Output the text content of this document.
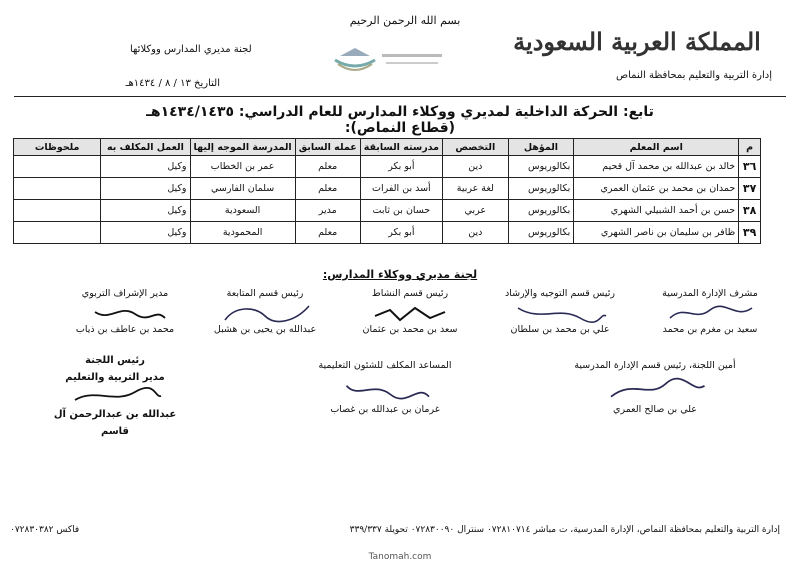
بسم الله الرحمن الرحيم
المملكة العربية السعودية
إدارة التربية والتعليم بمحافظة النماص
لجنة مديري المدارس ووكلائها
التاريخ ١٣ / ٨ / ١٤٣٤هـ
تابع: الحركة الداخلية لمديري ووكلاء المدارس للعام الدراسي: ١٤٣٤/١٤٣٥هـ (قطاع النماص):
م	اسم المعلم	المؤهل	التخصص	مدرسته السابقة	عمله السابق	المدرسة الموجه إليها	العمل المكلف به	ملحوظات
٣٦	خالد بن عبدالله بن محمد آل قحيم	بكالوريوس	دين	أبو بكر	معلم	عمر بن الخطاب	وكيل	
٣٧	حمدان بن محمد بن عثمان العمري	بكالوريوس	لغة عربية	أسد بن الفرات	معلم	سلمان الفارسي	وكيل	
٣٨	حسن بن أحمد الشبيلي الشهري	بكالوريوس	عربي	حسان بن ثابت	مدير	السعودية	وكيل	
٣٩	ظافر بن سليمان بن ناصر الشهري	بكالوريوس	دين	أبو بكر	معلم	المحمودية	وكيل	
لجنة مديري ووكلاء المدارس:
مشرف الإدارة المدرسية
سعيد بن مغرم بن محمد
رئيس قسم التوجيه والإرشاد
علي بن محمد بن سلطان
رئيس قسم النشاط
سعد بن محمد بن عثمان
رئيس قسم المتابعة
عبدالله بن يحيى بن هشبل
مدير الإشراف التربوي
محمد بن عاطف بن ذياب
أمين اللجنة، رئيس قسم الإدارة المدرسية
علي بن صالح العمري
المساعد المكلف للشئون التعليمية
غرمان بن عبدالله بن غصاب
رئيس اللجنة
مدير التربية والتعليم
عبدالله بن عبدالرحمن آل قاسم
إدارة التربية والتعليم بمحافظة النماص، الإدارة المدرسية، ت مباشر ٠٧٢٨١٠٧١٤ سنترال ٠٧٢٨٣٠٠٩٠ تحويلة ٣٣٩/٣٣٧
فاكس ٠٧٢٨٣٠٣٨٢
Tanomah.com
